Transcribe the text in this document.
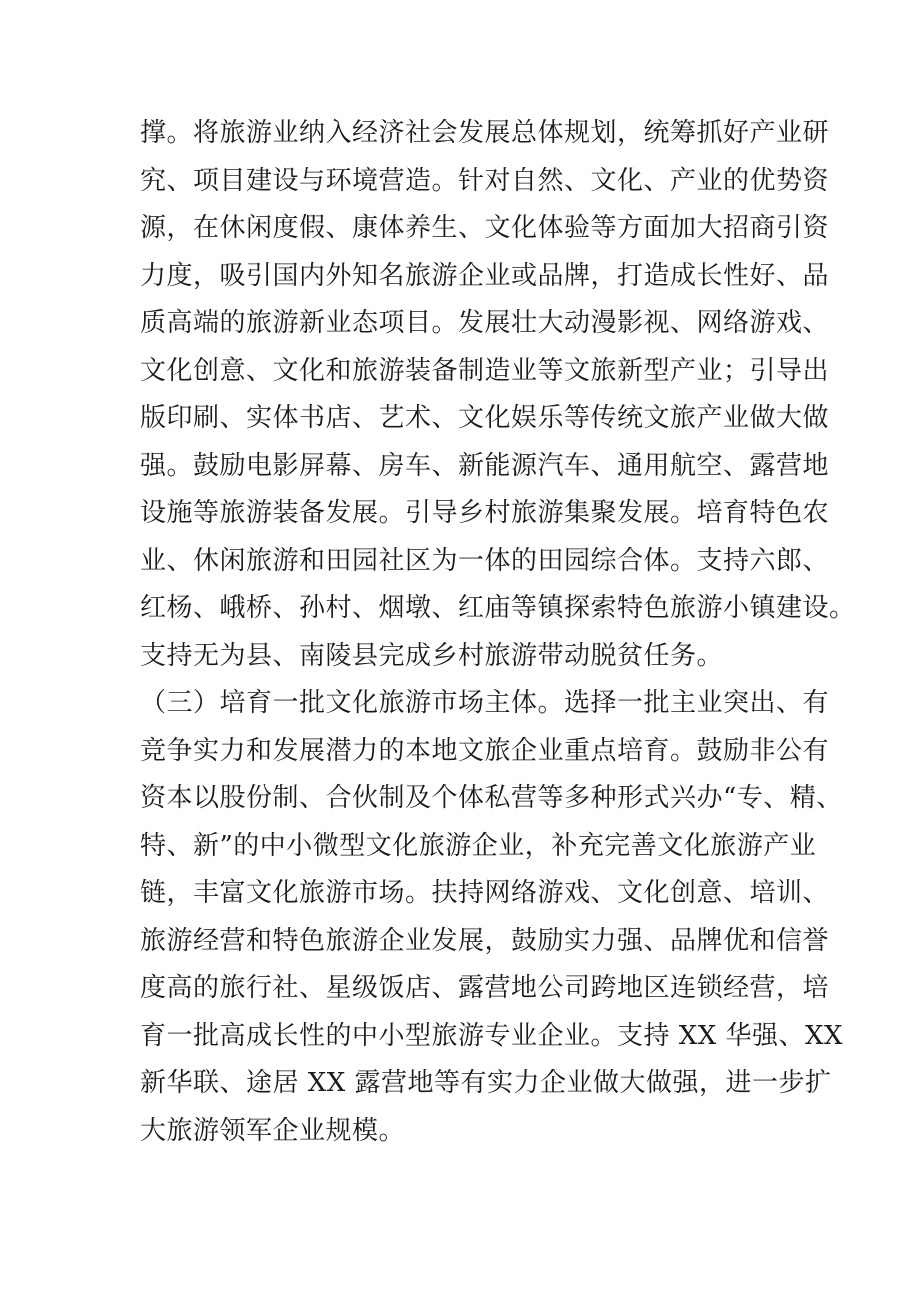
撑。将旅游业纳入经济社会发展总体规划，统筹抓好产业研
究、项目建设与环境营造。针对自然、文化、产业的优势资
源，在休闲度假、康体养生、文化体验等方面加大招商引资
力度，吸引国内外知名旅游企业或品牌，打造成长性好、品
质高端的旅游新业态项目。发展壮大动漫影视、网络游戏、
文化创意、文化和旅游装备制造业等文旅新型产业；引导出
版印刷、实体书店、艺术、文化娱乐等传统文旅产业做大做
强。鼓励电影屏幕、房车、新能源汽车、通用航空、露营地
设施等旅游装备发展。引导乡村旅游集聚发展。培育特色农
业、休闲旅游和田园社区为一体的田园综合体。支持六郎、
红杨、峨桥、孙村、烟墩、红庙等镇探索特色旅游小镇建设。
支持无为县、南陵县完成乡村旅游带动脱贫任务。
（三）培育一批文化旅游市场主体。选择一批主业突出、有
竞争实力和发展潜力的本地文旅企业重点培育。鼓励非公有
资本以股份制、合伙制及个体私营等多种形式兴办“专、精、
特、新”的中小微型文化旅游企业，补充完善文化旅游产业
链，丰富文化旅游市场。扶持网络游戏、文化创意、培训、
旅游经营和特色旅游企业发展，鼓励实力强、品牌优和信誉
度高的旅行社、星级饭店、露营地公司跨地区连锁经营，培
育一批高成长性的中小型旅游专业企业。支持 XX 华强、XX
新华联、途居 XX 露营地等有实力企业做大做强，进一步扩
大旅游领军企业规模。
